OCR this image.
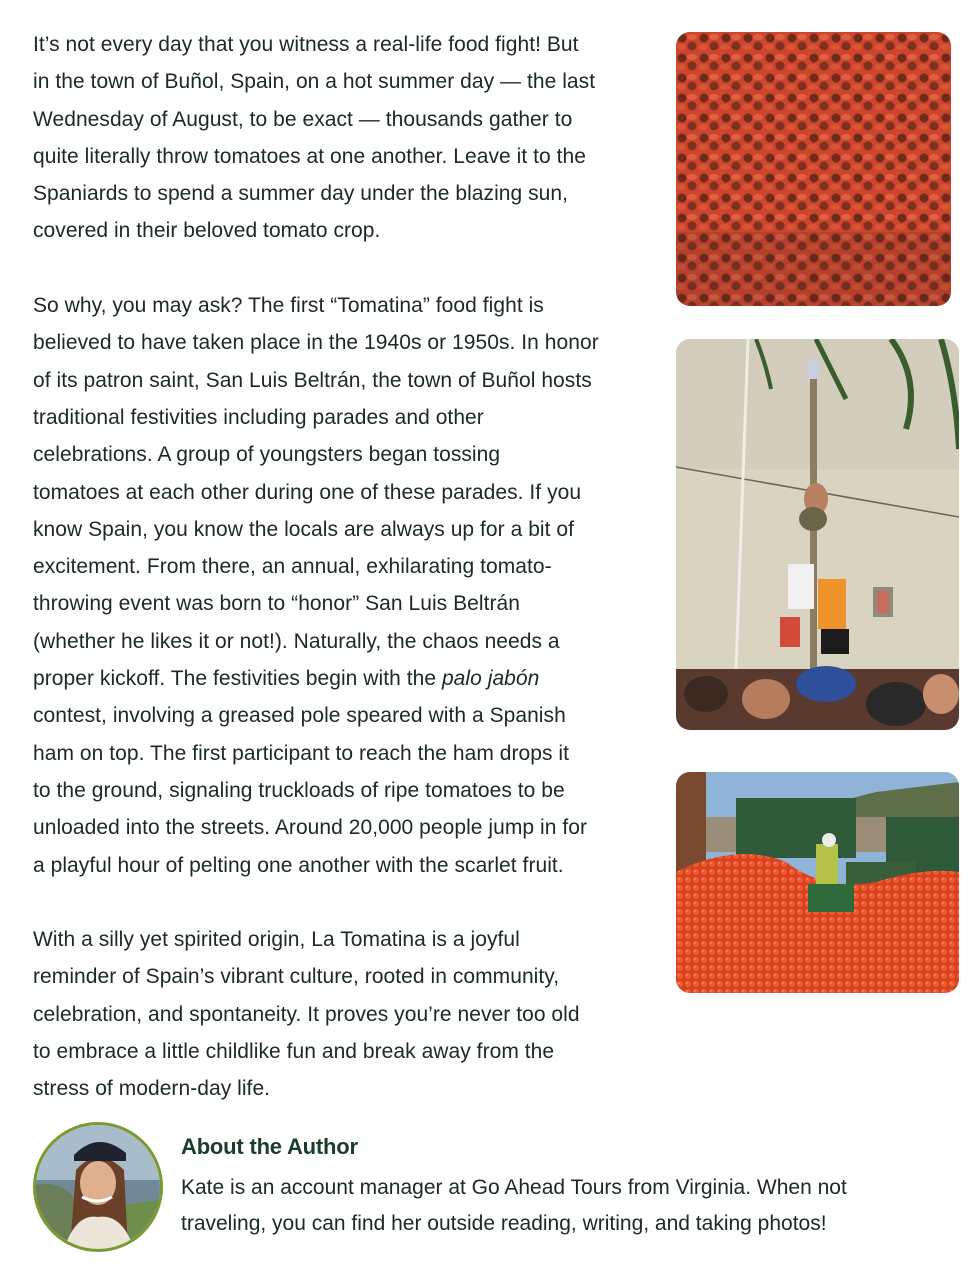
It’s not every day that you witness a real-life food fight! But
in the town of Buñol, Spain, on a hot summer day — the last
Wednesday of August, to be exact — thousands gather to
quite literally throw tomatoes at one another. Leave it to the
Spaniards to spend a summer day under the blazing sun,
covered in their beloved tomato crop.

So why, you may ask? The first “Tomatina” food fight is
believed to have taken place in the 1940s or 1950s. In honor
of its patron saint, San Luis Beltrán, the town of Buñol hosts
traditional festivities including parades and other
celebrations. A group of youngsters began tossing
tomatoes at each other during one of these parades. If you
know Spain, you know the locals are always up for a bit of
excitement. From there, an annual, exhilarating tomato-
throwing event was born to “honor” San Luis Beltrán
(whether he likes it or not!). Naturally, the chaos needs a
proper kickoff. The festivities begin with the palo jabón
contest, involving a greased pole speared with a Spanish
ham on top. The first participant to reach the ham drops it
to the ground, signaling truckloads of ripe tomatoes to be
unloaded into the streets. Around 20,000 people jump in for
a playful hour of pelting one another with the scarlet fruit.

With a silly yet spirited origin, La Tomatina is a joyful
reminder of Spain’s vibrant culture, rooted in community,
celebration, and spontaneity. It proves you’re never too old
to embrace a little childlike fun and break away from the
stress of modern-day life.

About the Author

Kate is an account manager at Go Ahead Tours from Virginia. When not
traveling, you can find her outside reading, writing, and taking photos!
